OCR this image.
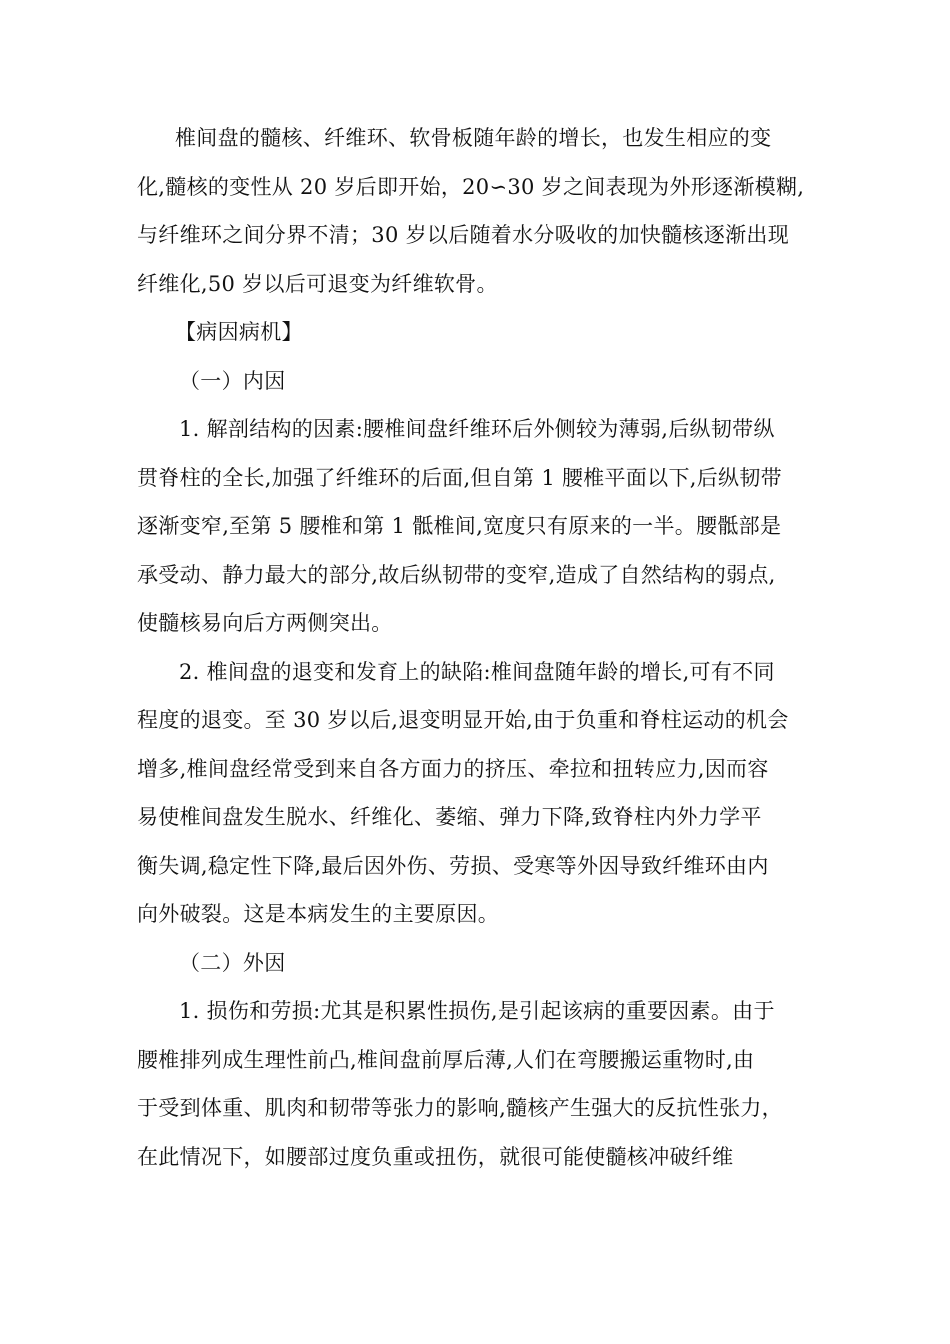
椎间盘的髓核、纤维环、软骨板随年龄的增长，也发生相应的变
化,髓核的变性从 20 岁后即开始，20∽30 岁之间表现为外形逐渐模糊,
与纤维环之间分界不清；30 岁以后随着水分吸收的加快髓核逐渐出现
纤维化,50 岁以后可退变为纤维软骨。
【病因病机】
（一）内因
1. 解剖结构的因素:腰椎间盘纤维环后外侧较为薄弱,后纵韧带纵
贯脊柱的全长,加强了纤维环的后面,但自第 1 腰椎平面以下,后纵韧带
逐渐变窄,至第 5 腰椎和第 1 骶椎间,宽度只有原来的一半。腰骶部是
承受动、静力最大的部分,故后纵韧带的变窄,造成了自然结构的弱点,
使髓核易向后方两侧突出。
2. 椎间盘的退变和发育上的缺陷:椎间盘随年龄的增长,可有不同
程度的退变。至 30 岁以后,退变明显开始,由于负重和脊柱运动的机会
增多,椎间盘经常受到来自各方面力的挤压、牵拉和扭转应力,因而容
易使椎间盘发生脱水、纤维化、萎缩、弹力下降,致脊柱内外力学平
衡失调,稳定性下降,最后因外伤、劳损、受寒等外因导致纤维环由内
向外破裂。这是本病发生的主要原因。
（二）外因
1. 损伤和劳损:尤其是积累性损伤,是引起该病的重要因素。由于
腰椎排列成生理性前凸,椎间盘前厚后薄,人们在弯腰搬运重物时,由
于受到体重、肌肉和韧带等张力的影响,髓核产生强大的反抗性张力，
在此情况下，如腰部过度负重或扭伤，就很可能使髓核冲破纤维
